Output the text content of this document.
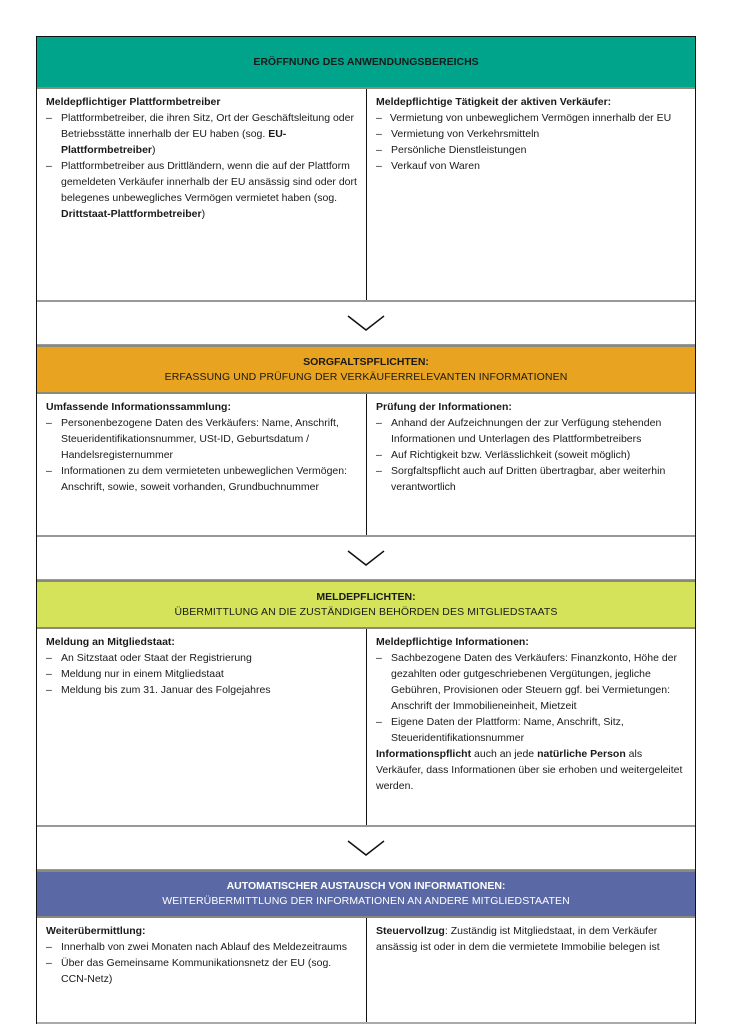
ERÖFFNUNG DES ANWENDUNGSBEREICHS
Meldepflichtiger Plattformbetreiber
– Plattformbetreiber, die ihren Sitz, Ort der Geschäftsleitung oder Betriebsstätte innerhalb der EU haben (sog. EU-Plattformbetreiber)
– Plattformbetreiber aus Drittländern, wenn die auf der Plattform gemeldeten Verkäufer innerhalb der EU ansässig sind oder dort belegenes unbewegliches Vermögen vermietet haben (sog. Drittstaat-Plattformbetreiber)
Meldepflichtige Tätigkeit der aktiven Verkäufer:
– Vermietung von unbeweglichem Vermögen innerhalb der EU
– Vermietung von Verkehrsmitteln
– Persönliche Dienstleistungen
– Verkauf von Waren
SORGFALTSPFLICHTEN:
ERFASSUNG UND PRÜFUNG DER VERKÄUFERRELEVANTEN INFORMATIONEN
Umfassende Informationssammlung:
– Personenbezogene Daten des Verkäufers: Name, Anschrift, Steueridentifikationsnummer, USt-ID, Geburtsdatum / Handelsregisternummer
– Informationen zu dem vermieteten unbeweglichen Vermögen:
Anschrift, sowie, soweit vorhanden, Grundbuchnummer
Prüfung der Informationen:
– Anhand der Aufzeichnungen der zur Verfügung stehenden
Informationen und Unterlagen des Plattformbetreibers
– Auf Richtigkeit bzw. Verlässlichkeit (soweit möglich)
– Sorgfaltspflicht auch auf Dritten übertragbar, aber weiterhin
verantwortlich
MELDEPFLICHTEN:
ÜBERMITTLUNG AN DIE ZUSTÄNDIGEN BEHÖRDEN DES MITGLIEDSTAATS
Meldung an Mitgliedstaat:
– An Sitzstaat oder Staat der Registrierung
– Meldung nur in einem Mitgliedstaat
– Meldung bis zum 31. Januar des Folgejahres
Meldepflichtige Informationen:
– Sachbezogene Daten des Verkäufers: Finanzkonto, Höhe der gezahlten oder gutgeschriebenen Vergütungen, jegliche Gebühren, Provisionen oder Steuern ggf. bei Vermietungen: Anschrift der Immobilieneinheit, Mietzeit
– Eigene Daten der Plattform: Name, Anschrift, Sitz, Steueridentifikationsnummer
Informationspflicht auch an jede natürliche Person als Verkäufer, dass Informationen über sie erhoben und weitergeleitet werden.
AUTOMATISCHER AUSTAUSCH VON INFORMATIONEN:
WEITERÜBERMITTLUNG DER INFORMATIONEN AN ANDERE MITGLIEDSTAATEN
Weiterübermittlung:
– Innerhalb von zwei Monaten nach Ablauf des Meldezeitraums
– Über das Gemeinsame Kommunikationsnetz der EU (sog. CCN-Netz)
Steuervollzug: Zuständig ist Mitgliedstaat, in dem Verkäufer ansässig ist oder in dem die vermietete Immobilie belegen ist
